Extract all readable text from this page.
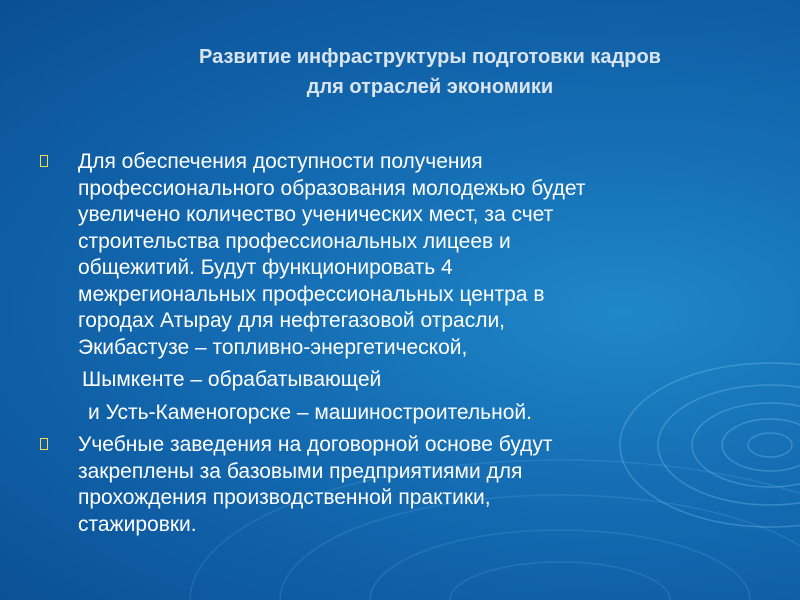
Развитие инфраструктуры подготовки кадров
для отраслей экономики
Для обеспечения доступности получения
профессионального образования молодежью будет
увеличено количество ученических мест, за счет
строительства профессиональных лицеев и
общежитий. Будут функционировать 4
межрегиональных профессиональных центра в
городах Атырау для нефтегазовой отрасли,
Экибастузе – топливно-энергетической,
Шымкенте – обрабатывающей
и Усть-Каменогорске – машиностроительной.
Учебные заведения на договорной основе будут
закреплены за базовыми предприятиями для
прохождения производственной практики,
стажировки.
